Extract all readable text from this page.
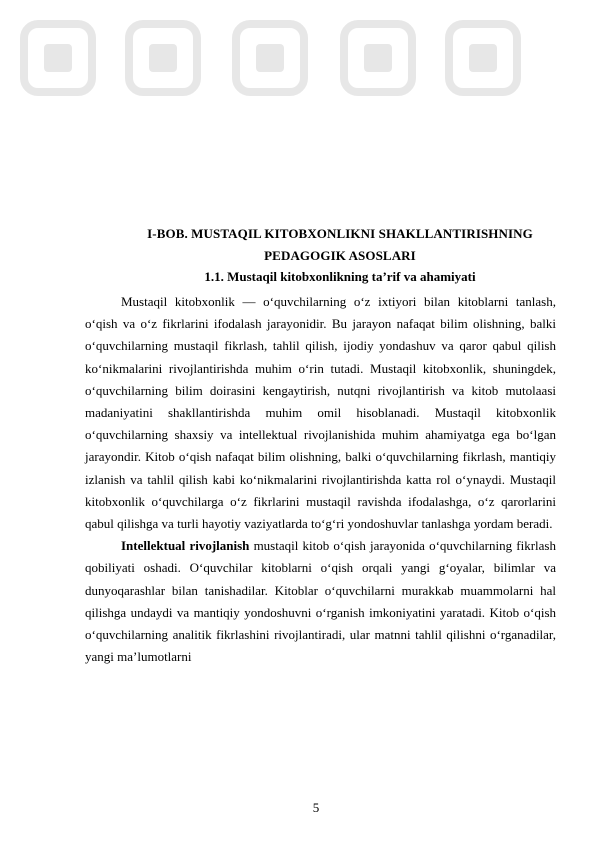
I-BOB. MUSTAQIL KITOBXONLIKNI SHAKLLANTIRISHNING PEDAGOGIK ASOSLARI
1.1. Mustaqil kitobxonlikning ta’rif va ahamiyati

Mustaqil kitobxonlik — o‘quvchilarning o‘z ixtiyori bilan kitoblarni tanlash, o‘qish va o‘z fikrlarini ifodalash jarayonidir. Bu jarayon nafaqat bilim olishning, balki o‘quvchilarning mustaqil fikrlash, tahlil qilish, ijodiy yondashuv va qaror qabul qilish ko‘nikmalarini rivojlantirishda muhim o‘rin tutadi. Mustaqil kitobxonlik, shuningdek, o‘quvchilarning bilim doirasini kengaytirish, nutqni rivojlantirish va kitob mutolaasi madaniyatini shakllantirishda muhim omil hisoblanadi. Mustaqil kitobxonlik o‘quvchilarning shaxsiy va intellektual rivojlanishida muhim ahamiyatga ega bo‘lgan jarayondir. Kitob o‘qish nafaqat bilim olishning, balki o‘quvchilarning fikrlash, mantiqiy izlanish va tahlil qilish kabi ko‘nikmalarini rivojlantirishda katta rol o‘ynaydi. Mustaqil kitobxonlik o‘quvchilarga o‘z fikrlarini mustaqil ravishda ifodalashga, o‘z qarorlarini qabul qilishga va turli hayotiy vaziyatlarda to‘g‘ri yondoshuvlar tanlashga yordam beradi.

Intellektual rivojlanish mustaqil kitob o‘qish jarayonida o‘quvchilarning fikrlash qobiliyati oshadi. O‘quvchilar kitoblarni o‘qish orqali yangi g‘oyalar, bilimlar va dunyoqarashlar bilan tanishadilar. Kitoblar o‘quvchilarni murakkab muammolarni hal qilishga undaydi va mantiqiy yondoshuvni o‘rganish imkoniyatini yaratadi. Kitob o‘qish o‘quvchilarning analitik fikrlashini rivojlantiradi, ular matnni tahlil qilishni o‘rganadilar, yangi ma’lumotlarni

5
